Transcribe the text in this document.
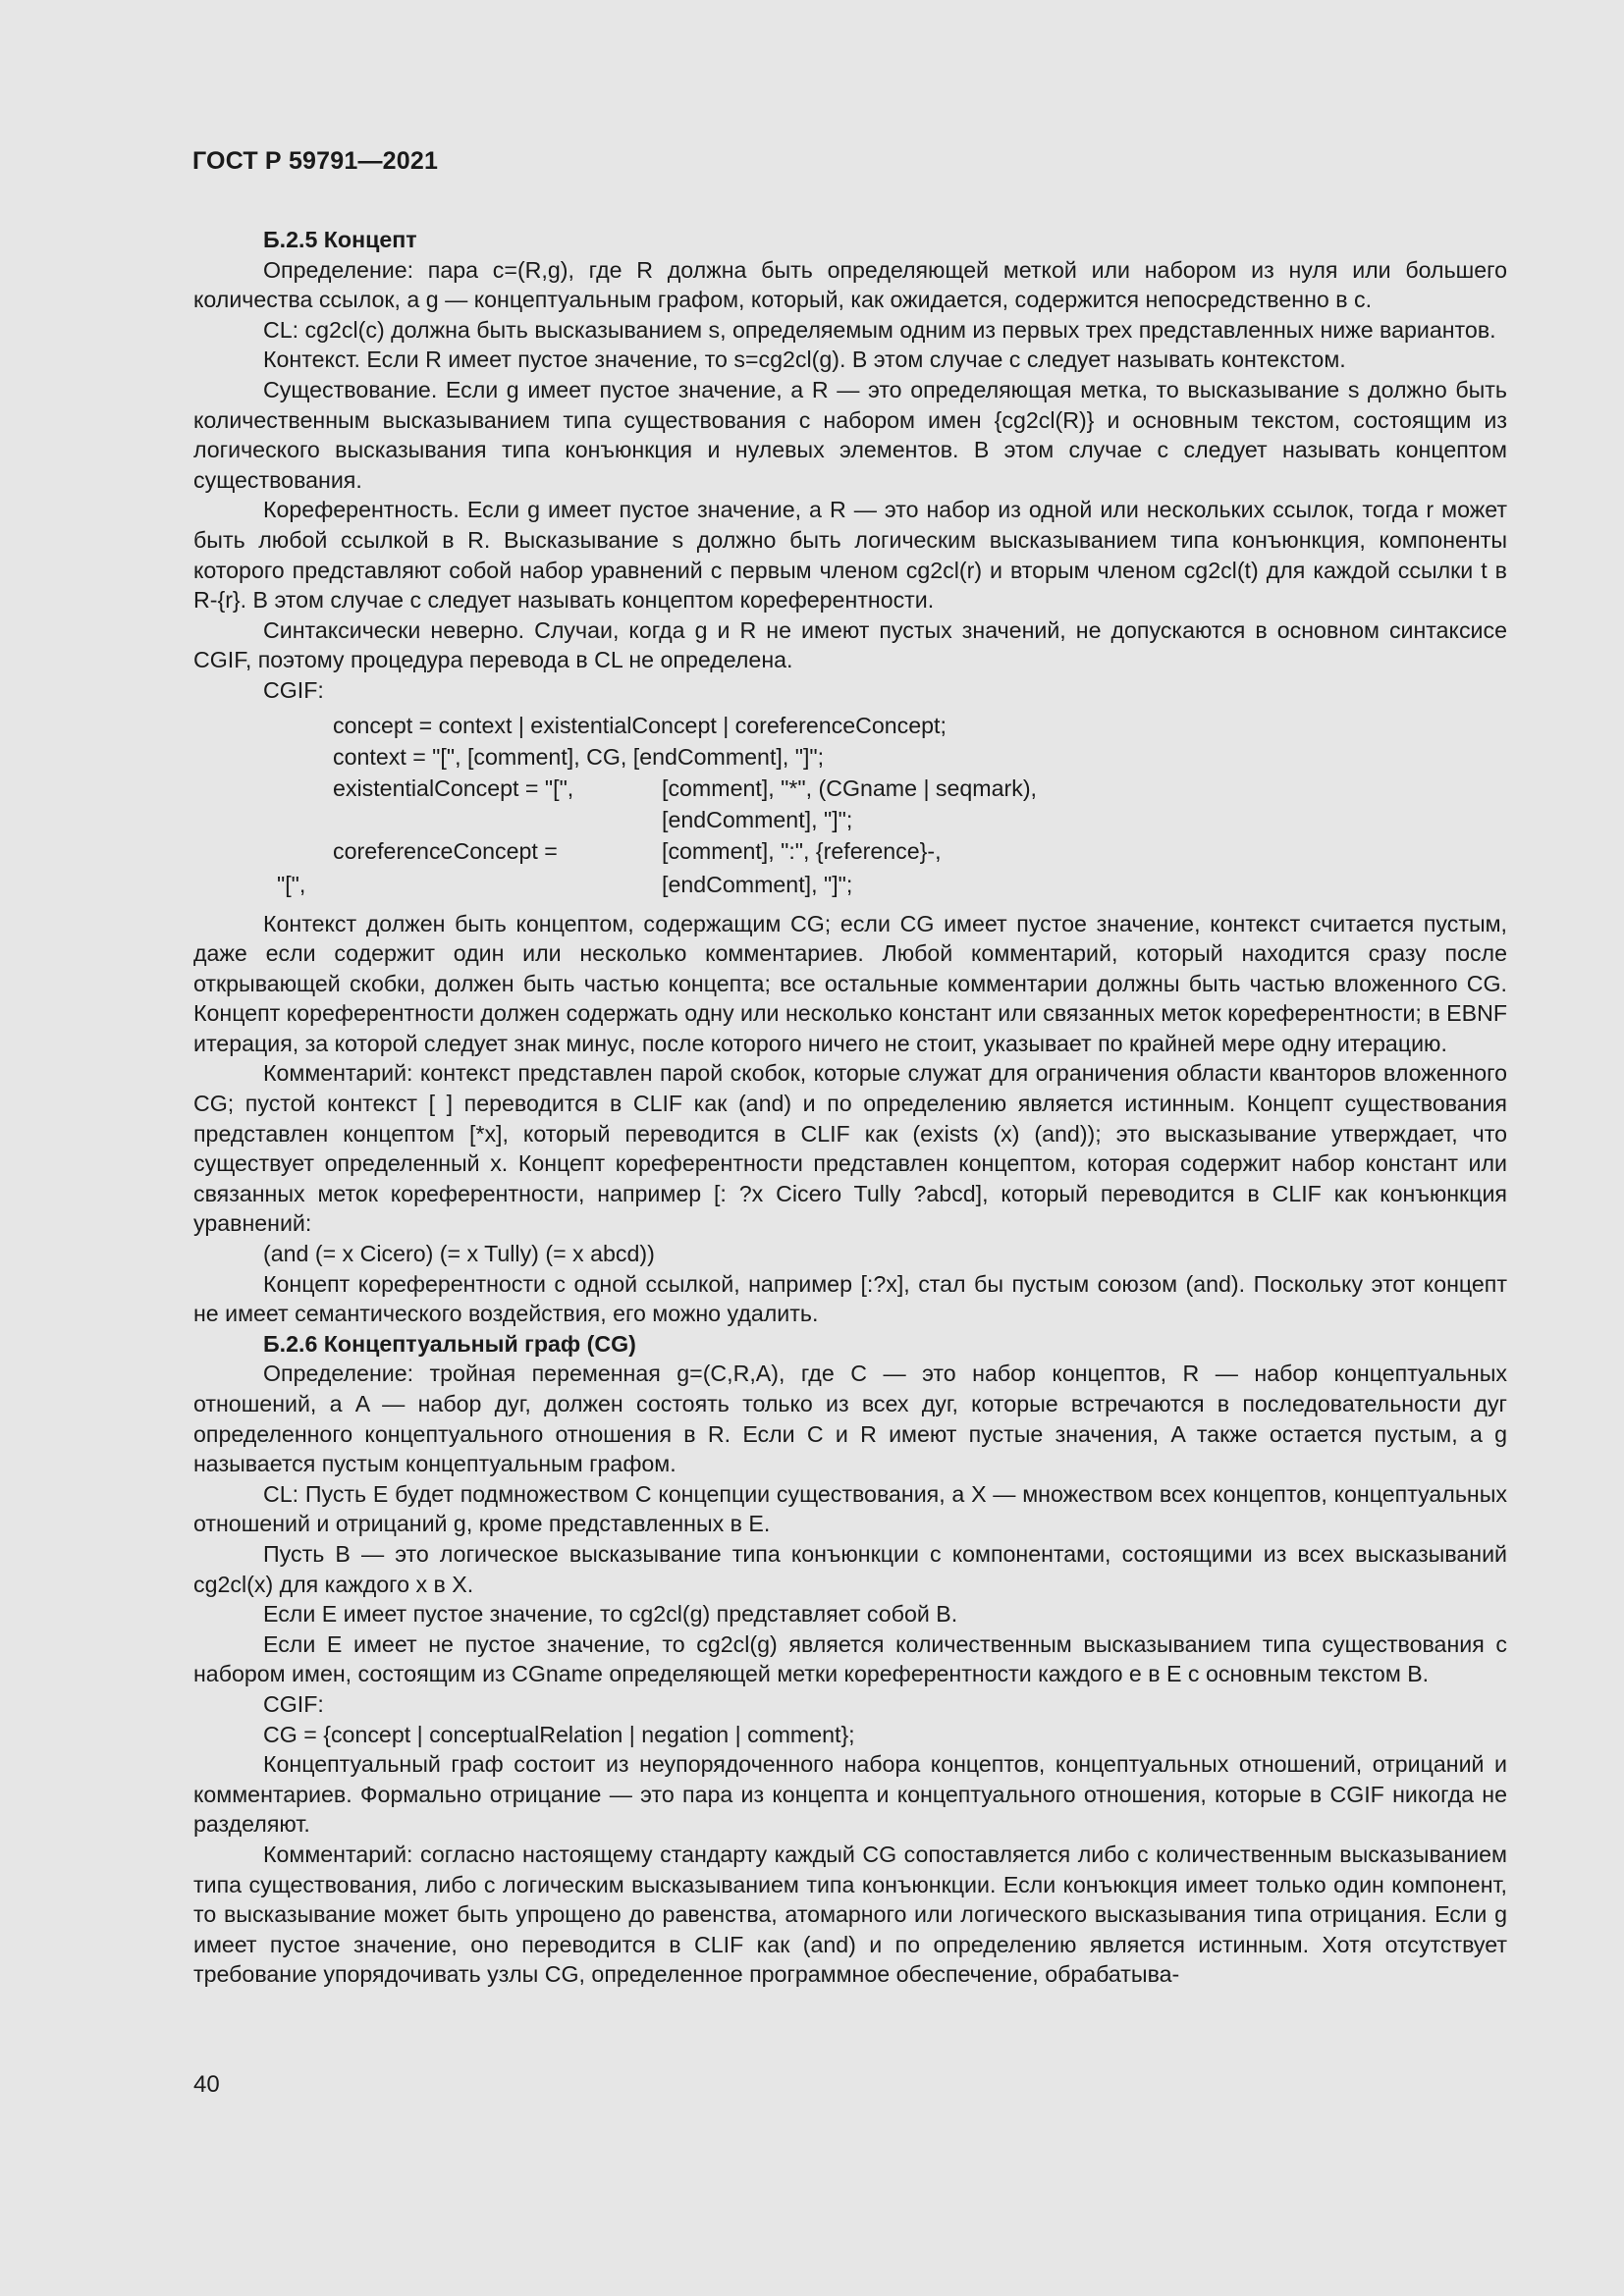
ГОСТ Р 59791—2021

Б.2.5 Концепт

Определение: пара c=(R,g), где R должна быть определяющей меткой или набором из нуля или большего количества ссылок, а g — концептуальным графом, который, как ожидается, содержится непосредственно в c.

CL: cg2cl(c) должна быть высказыванием s, определяемым одним из первых трех представленных ниже вариантов.

Контекст. Если R имеет пустое значение, то s=cg2cl(g). В этом случае c следует называть контекстом.

Существование. Если g имеет пустое значение, а R — это определяющая метка, то высказывание s должно быть количественным высказыванием типа существования с набором имен {cg2cl(R)} и основным текстом, состоящим из логического высказывания типа конъюнкция и нулевых элементов. В этом случае c следует называть концептом существования.

Кореферентность. Если g имеет пустое значение, а R — это набор из одной или нескольких ссылок, тогда r может быть любой ссылкой в R. Высказывание s должно быть логическим высказыванием типа конъюнкция, компоненты которого представляют собой набор уравнений с первым членом cg2cl(r) и вторым членом cg2cl(t) для каждой ссылки t в R-{r}. В этом случае c следует называть концептом кореферентности.

Синтаксически неверно. Случаи, когда g и R не имеют пустых значений, не допускаются в основном синтаксисе CGIF, поэтому процедура перевода в CL не определена.

CGIF:

concept = context | existentialConcept | coreferenceConcept;
context = "[", [comment], CG, [endComment], "]";
existentialConcept = "[",	[comment], "*", (CGname | seqmark),
[endComment], "]";
coreferenceConcept =	[comment], ":", {reference}-,
"[",	[endComment], "]";

Контекст должен быть концептом, содержащим CG; если CG имеет пустое значение, контекст считается пустым, даже если содержит один или несколько комментариев. Любой комментарий, который находится сразу после открывающей скобки, должен быть частью концепта; все остальные комментарии должны быть частью вложенного CG. Концепт кореферентности должен содержать одну или несколько констант или связанных меток кореферентности; в EBNF итерация, за которой следует знак минус, после которого ничего не стоит, указывает по крайней мере одну итерацию.

Комментарий: контекст представлен парой скобок, которые служат для ограничения области кванторов вложенного CG; пустой контекст [ ] переводится в CLIF как (and) и по определению является истинным. Концепт существования представлен концептом [*x], который переводится в CLIF как (exists (x) (and)); это высказывание утверждает, что существует определенный x. Концепт кореферентности представлен концептом, которая содержит набор констант или связанных меток кореферентности, например [: ?x Cicero Tully ?abcd], который переводится в CLIF как конъюнкция уравнений:

(and (= x Cicero) (= x Tully) (= x abcd))

Концепт кореферентности с одной ссылкой, например [:?x], стал бы пустым союзом (and). Поскольку этот концепт не имеет семантического воздействия, его можно удалить.

Б.2.6 Концептуальный граф (CG)

Определение: тройная переменная g=(C,R,A), где C — это набор концептов, R — набор концептуальных отношений, а A — набор дуг, должен состоять только из всех дуг, которые встречаются в последовательности дуг определенного концептуального отношения в R. Если C и R имеют пустые значения, A также остается пустым, а g называется пустым концептуальным графом.

CL: Пусть E будет подмножеством C концепции существования, а X — множеством всех концептов, концептуальных отношений и отрицаний g, кроме представленных в E.

Пусть B — это логическое высказывание типа конъюнкции с компонентами, состоящими из всех высказываний cg2cl(x) для каждого x в X.

Если E имеет пустое значение, то cg2cl(g) представляет собой B.

Если E имеет не пустое значение, то cg2cl(g) является количественным высказыванием типа существования с набором имен, состоящим из CGname определяющей метки кореферентности каждого e в E с основным текстом B.

CGIF:

CG = {concept | conceptualRelation | negation | comment};

Концептуальный граф состоит из неупорядоченного набора концептов, концептуальных отношений, отрицаний и комментариев. Формально отрицание — это пара из концепта и концептуального отношения, которые в CGIF никогда не разделяют.

Комментарий: согласно настоящему стандарту каждый CG сопоставляется либо с количественным высказыванием типа существования, либо с логическим высказыванием типа конъюнкции. Если конъюкция имеет только один компонент, то высказывание может быть упрощено до равенства, атомарного или логического высказывания типа отрицания. Если g имеет пустое значение, оно переводится в CLIF как (and) и по определению является истинным. Хотя отсутствует требование упорядочивать узлы CG, определенное программное обеспечение, обрабатыва-

40
